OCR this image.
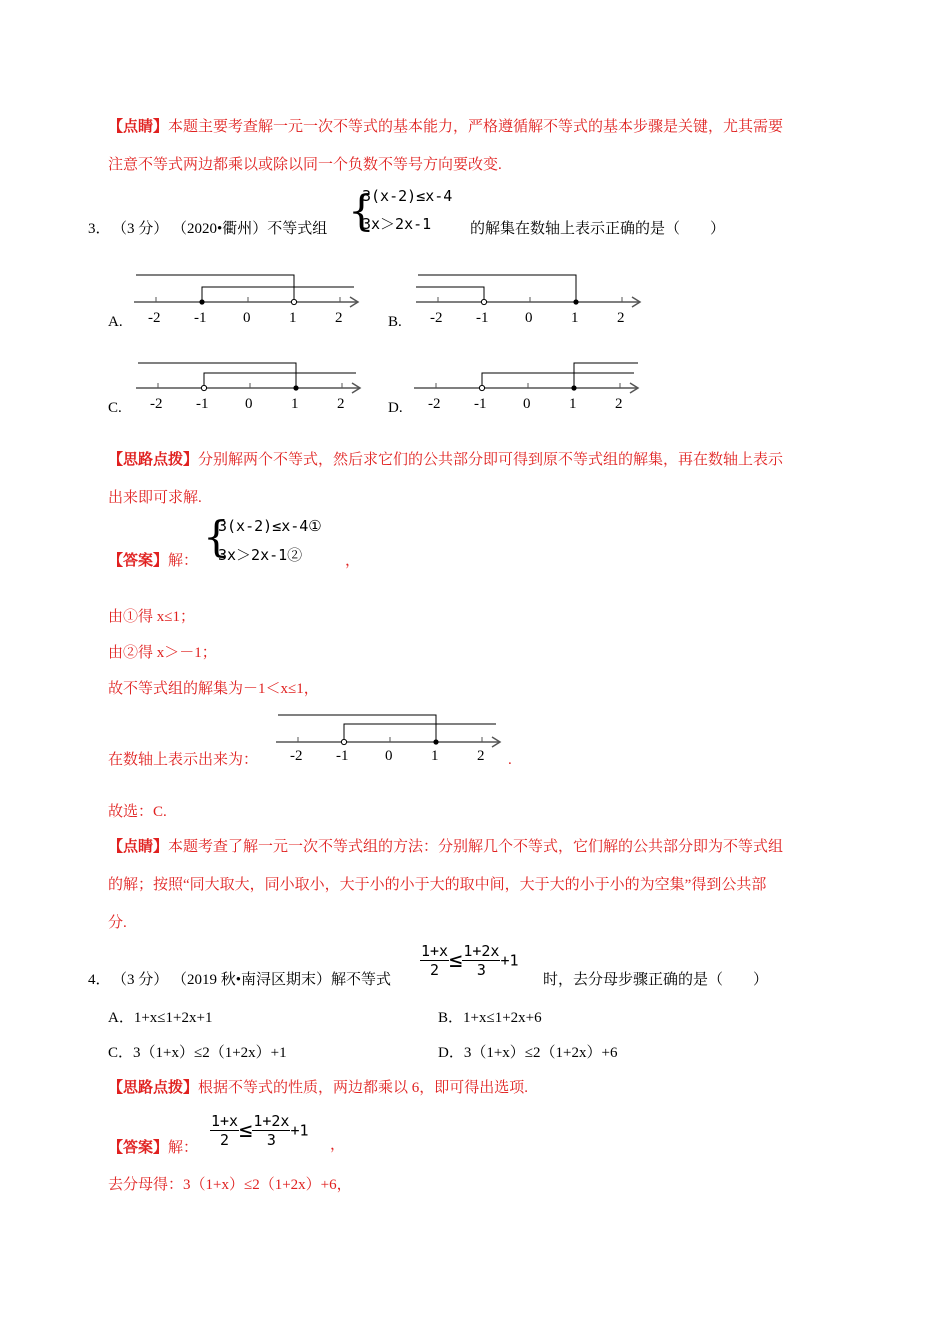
【点睛】本题主要考查解一元一次不等式的基本能力，严格遵循解不等式的基本步骤是关键，尤其需要
注意不等式两边都乘以或除以同一个负数不等号方向要改变.
3． （3 分） （2020•衢州）不等式组 {
3(x-2)≤x-4
3x＞2x-1	的解集在数轴上表示正确的是（　　）
A. -2 -1 0	1	2	B. -2 -1 0	1	2
C. -2 -1 0	1	2	D. -2 -1 0	1	2
【思路点拨】分别解两个不等式，然后求它们的公共部分即可得到原不等式组的解集，再在数轴上表示
出来即可求解.
【答案】解： {
3(x-2)≤x-4①
3x＞2x-1②	，
由①得 x≤1；
由②得 x＞－1；
故不等式组的解集为－1＜x≤1，
在数轴上表示出来为： -2 -1 0	1	2 .
故选：C.
【点睛】本题考查了解一元一次不等式组的方法：分别解几个不等式，它们解的公共部分即为不等式组
的解；按照“同大取大，同小取小，大于小的小于大的取中间，大于大的小于小的为空集”得到公共部
分.
4． （3 分） （2019 秋•南浔区期末）解不等式
$\frac{1+x}{2} \le \frac{1+2x}{3} +1$
时，去分母步骤正确的是（　　）
A．1+x≤1+2x+1	B．1+x≤1+2x+6
C．3（1+x）≤2（1+2x）+1	D．3（1+x）≤2（1+2x）+6
【思路点拨】根据不等式的性质，两边都乘以 6，即可得出选项.
【答案】解： $\frac{1+x}{2} \le \frac{1+2x}{3} +1$
，
去分母得：3（1+x）≤2（1+2x）+6，
